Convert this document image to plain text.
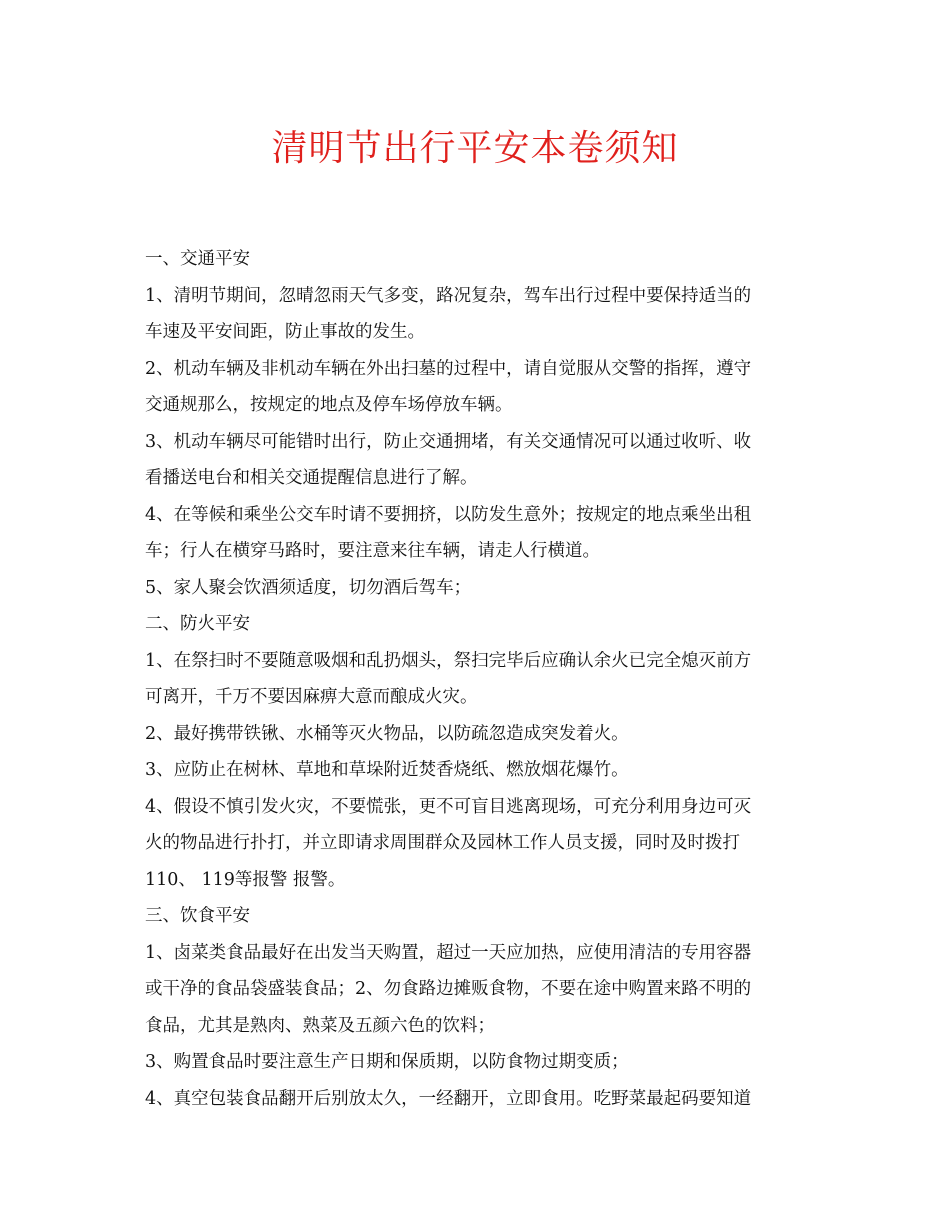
清明节出行平安本卷须知
一、交通平安
1、清明节期间，忽晴忽雨天气多变，路况复杂，驾车出行过程中要保持适当的
车速及平安间距，防止事故的发生。
2、机动车辆及非机动车辆在外出扫墓的过程中，请自觉服从交警的指挥，遵守
交通规那么，按规定的地点及停车场停放车辆。
3、机动车辆尽可能错时出行，防止交通拥堵，有关交通情况可以通过收听、收
看播送电台和相关交通提醒信息进行了解。
4、在等候和乘坐公交车时请不要拥挤，以防发生意外；按规定的地点乘坐出租
车；行人在横穿马路时，要注意来往车辆，请走人行横道。
5、家人聚会饮酒须适度，切勿酒后驾车；
二、防火平安
1、在祭扫时不要随意吸烟和乱扔烟头，祭扫完毕后应确认余火已完全熄灭前方
可离开，千万不要因麻痹大意而酿成火灾。
2、最好携带铁锹、水桶等灭火物品，以防疏忽造成突发着火。
3、应防止在树林、草地和草垛附近焚香烧纸、燃放烟花爆竹。
4、假设不慎引发火灾，不要慌张，更不可盲目逃离现场，可充分利用身边可灭
火的物品进行扑打，并立即请求周围群众及园林工作人员支援，同时及时拨打
110、 119等报警 报警。
三、饮食平安
1、卤菜类食品最好在出发当天购置，超过一天应加热，应使用清洁的专用容器
或干净的食品袋盛装食品；2、勿食路边摊贩食物，不要在途中购置来路不明的
食品，尤其是熟肉、熟菜及五颜六色的饮料；
3、购置食品时要注意生产日期和保质期，以防食物过期变质；
4、真空包装食品翻开后别放太久，一经翻开，立即食用。吃野菜最起码要知道
